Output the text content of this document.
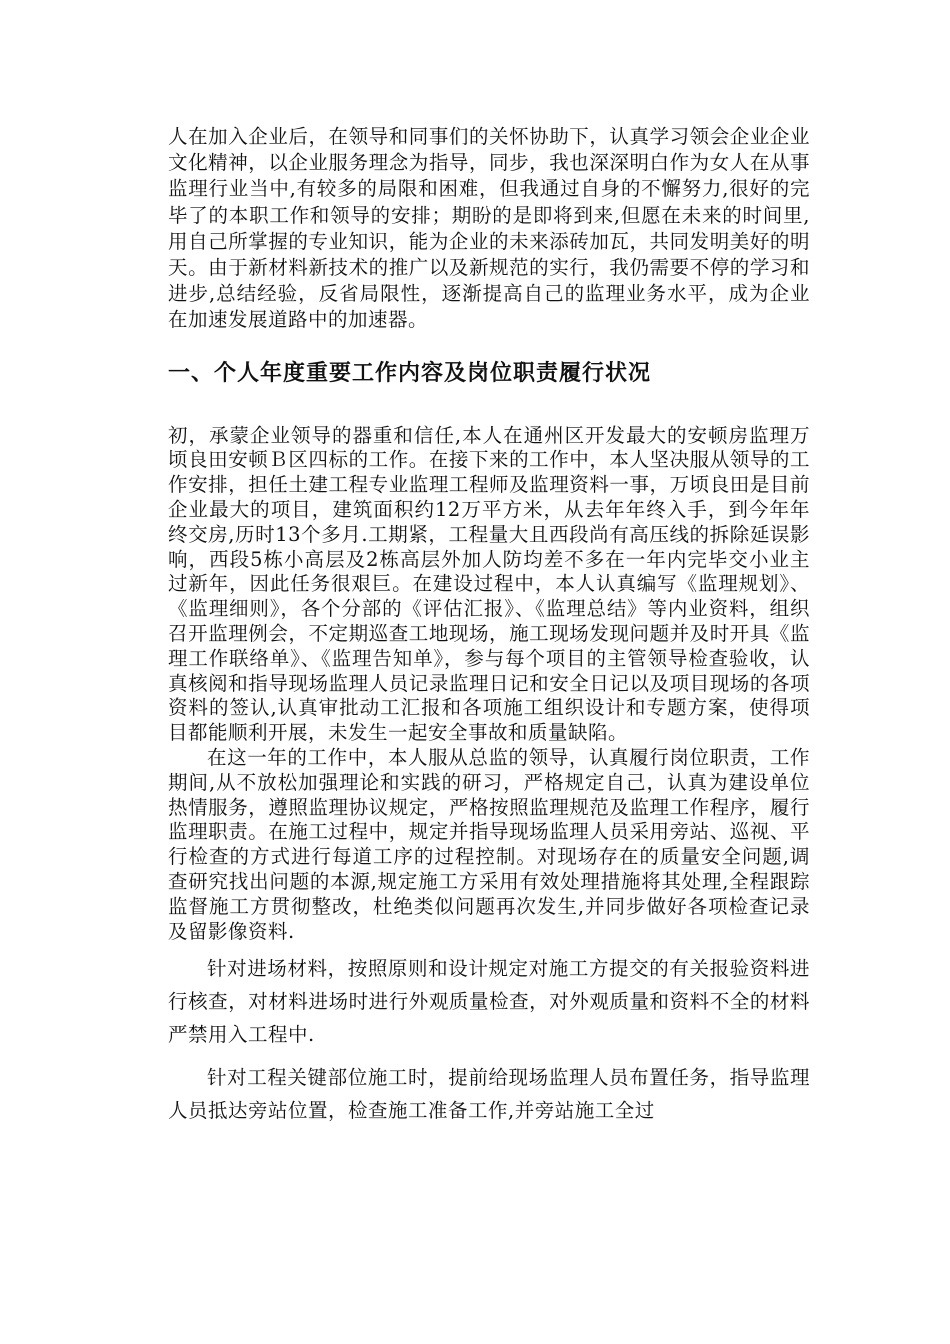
人在加入企业后，在领导和同事们的关怀协助下，认真学习领会企业企业文化精神，以企业服务理念为指导，同步，我也深深明白作为女人在从事监理行业当中,有较多的局限和困难，但我通过自身的不懈努力,很好的完毕了的本职工作和领导的安排；期盼的是即将到来,但愿在未来的时间里,用自己所掌握的专业知识，能为企业的未来添砖加瓦，共同发明美好的明天。由于新材料新技术的推广以及新规范的实行，我仍需要不停的学习和进步,总结经验，反省局限性，逐渐提高自己的监理业务水平，成为企业在加速发展道路中的加速器。

一、个人年度重要工作内容及岗位职责履行状况

初，承蒙企业领导的器重和信任,本人在通州区开发最大的安顿房监理万顷良田安顿Ｂ区四标的工作。在接下来的工作中，本人坚决服从领导的工作安排，担任土建工程专业监理工程师及监理资料一事，万顷良田是目前企业最大的项目，建筑面积约12万平方米，从去年年终入手，到今年年终交房,历时13个多月.工期紧，工程量大且西段尚有高压线的拆除延误影响，西段5栋小高层及2栋高层外加人防均差不多在一年内完毕交小业主过新年，因此任务很艰巨。在建设过程中，本人认真编写《监理规划》、《监理细则》，各个分部的《评估汇报》、《监理总结》等内业资料，组织召开监理例会，不定期巡查工地现场，施工现场发现问题并及时开具《监理工作联络单》、《监理告知单》，参与每个项目的主管领导检查验收，认真核阅和指导现场监理人员记录监理日记和安全日记以及项目现场的各项资料的签认,认真审批动工汇报和各项施工组织设计和专题方案，使得项目都能顺利开展，未发生一起安全事故和质量缺陷。

在这一年的工作中，本人服从总监的领导，认真履行岗位职责，工作期间,从不放松加强理论和实践的研习，严格规定自己，认真为建设单位热情服务，遵照监理协议规定，严格按照监理规范及监理工作程序，履行监理职责。在施工过程中，规定并指导现场监理人员采用旁站、巡视、平行检查的方式进行每道工序的过程控制。对现场存在的质量安全问题,调查研究找出问题的本源,规定施工方采用有效处理措施将其处理,全程跟踪监督施工方贯彻整改，杜绝类似问题再次发生,并同步做好各项检查记录及留影像资料.

针对进场材料，按照原则和设计规定对施工方提交的有关报验资料进行核查，对材料进场时进行外观质量检查，对外观质量和资料不全的材料严禁用入工程中.

针对工程关键部位施工时，提前给现场监理人员布置任务，指导监理人员抵达旁站位置，检查施工准备工作,并旁站施工全过
